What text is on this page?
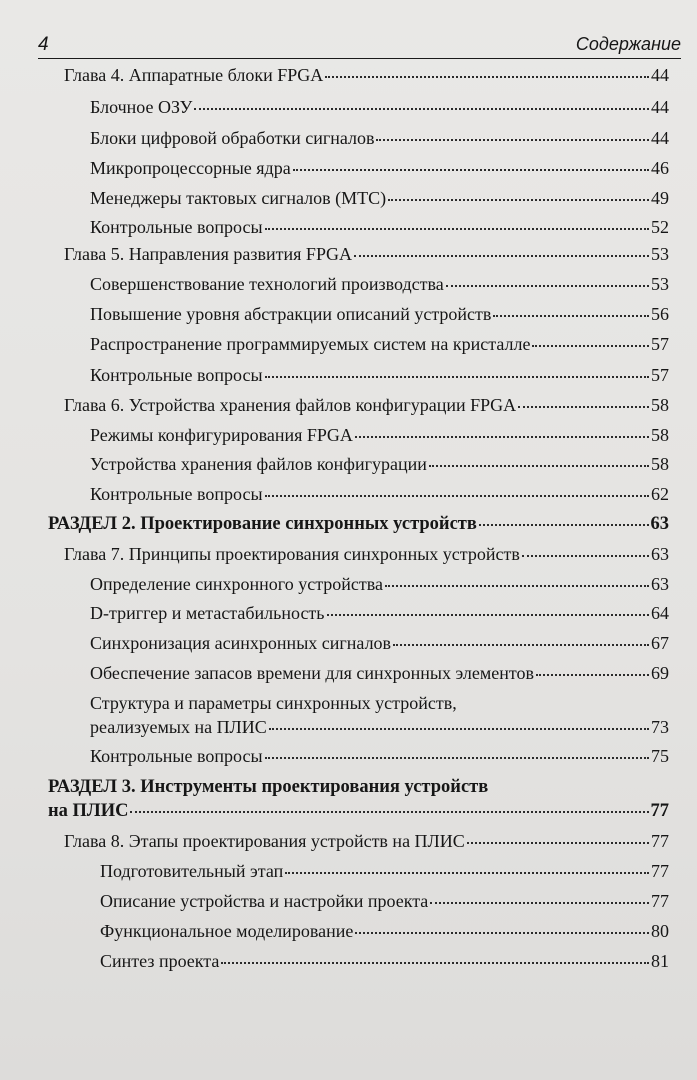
4	Содержание
Глава 4. Аппаратные блоки FPGA	44
Блочное ОЗУ	44
Блоки цифровой обработки сигналов	44
Микропроцессорные ядра	46
Менеджеры тактовых сигналов (МТС)	49
Контрольные вопросы	52
Глава 5. Направления развития FPGA	53
Совершенствование технологий производства	53
Повышение уровня абстракции описаний устройств	56
Распространение программируемых систем на кристалле	57
Контрольные вопросы	57
Глава 6. Устройства хранения файлов конфигурации FPGA	58
Режимы конфигурирования FPGA	58
Устройства хранения файлов конфигурации	58
Контрольные вопросы	62
РАЗДЕЛ 2. Проектирование синхронных устройств	63
Глава 7. Принципы проектирования синхронных устройств	63
Определение синхронного устройства	63
D-триггер и метастабильность	64
Синхронизация асинхронных сигналов	67
Обеспечение запасов времени для синхронных элементов	69
Структура и параметры синхронных устройств,
реализуемых на ПЛИС	73
Контрольные вопросы	75
РАЗДЕЛ 3. Инструменты проектирования устройств
на ПЛИС	77
Глава 8. Этапы проектирования устройств на ПЛИС	77
Подготовительный этап	77
Описание устройства и настройки проекта	77
Функциональное моделирование	80
Синтез проекта	81
